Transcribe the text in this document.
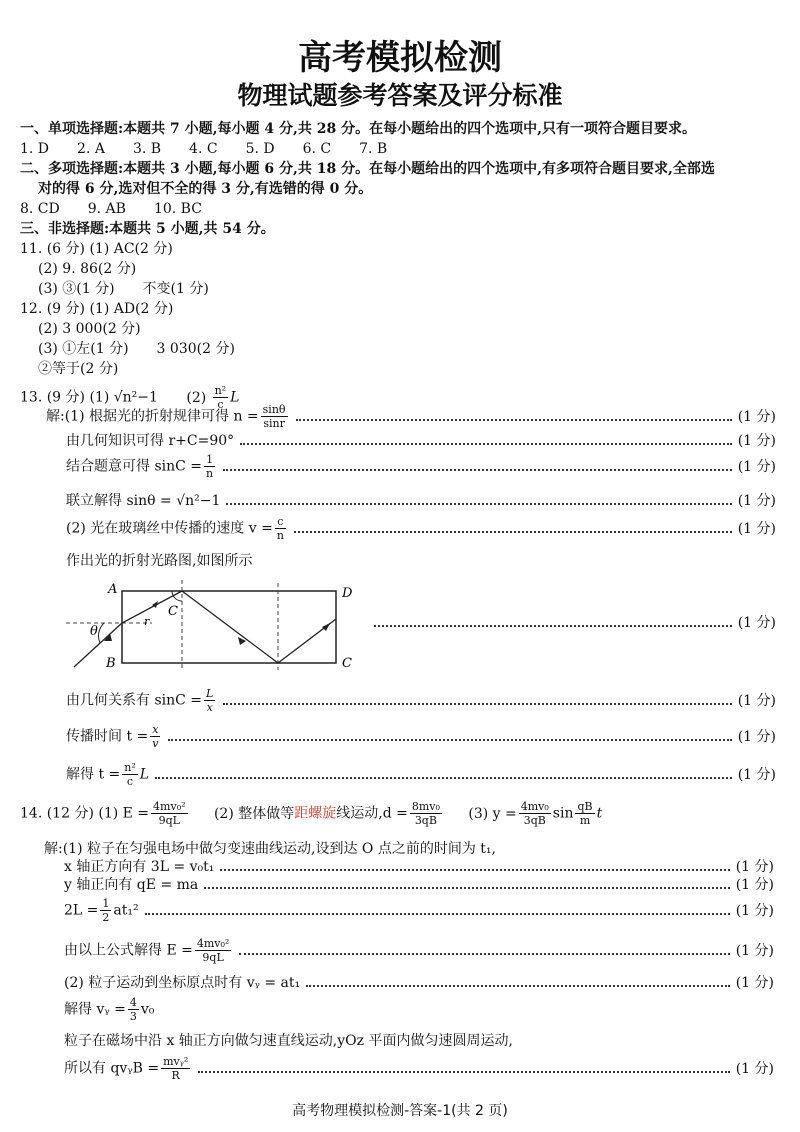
高考模拟检测
物理试题参考答案及评分标准
一、单项选择题:本题共 7 小题,每小题 4 分,共 28 分。在每小题给出的四个选项中,只有一项符合题目要求。
1. D　　2. A　　3. B　　4. C　　5. D　　6. C　　7. B
二、多项选择题:本题共 3 小题,每小题 6 分,共 18 分。在每小题给出的四个选项中,有多项符合题目要求,全部选
对的得 6 分,选对但不全的得 3 分,有选错的得 0 分。
8. CD　　9. AB　　10. BC
三、非选择题:本题共 5 小题,共 54 分。
11. (6 分) (1) AC(2 分)
(2) 9. 86(2 分)
(3) ③(1 分)　　不变(1 分)
12. (9 分) (1) AD(2 分)
(2) 3 000(2 分)
(3) ①左(1 分)　　3 030(2 分)
②等于(2 分)
13. (9 分) (1) √n²−1 $(2) \frac{\text{n²}}{c}$ L
解:(1) 根据光的折射规律可得 $n = \frac{\sin\theta}{\sin r}$	(1 分)
由几何知识可得 r+C=90°	(1 分)
结合题意可得 $\sin C = \frac{1}{n}$	(1 分)
联立解得 sinθ = √n²−1	(1 分)
(2) 光在玻璃丝中传播的速度 $v = \frac{c}{n}$	(1 分)
作出光的折射光路图,如图所示
A
B
D
C
C
θ
r	(1 分)
由几何关系有 $\sin C = \frac{L}{x}$	(1 分)
传播时间 $t = \frac{x}{v}$	(1 分)
解得 $t = \frac{\text{n²}}{c}$ L	(1 分)
14. (12 分) (1) $E = \frac{\text{4mv₀²}}{9qL} (2)$ 整体做等距螺旋线运动$,d = \frac{\text{8mv₀}}{3qB} (3) y = \frac{\text{4mv₀}}{3qB}$ $\sin \frac{qB}{m}$ t
解:(1) 粒子在匀强电场中做匀变速曲线运动,设到达 O 点之前的时间为 t₁,
x 轴正方向有 3L = v₀t₁	(1 分)
y 轴正向有 qE = ma	(1 分)
$2L = \frac{1}{2} at_1^2$	(1 分)
由以上公式解得 $E = \frac{\text{4mv₀²}}{9qL}$	(1 分)
(2) 粒子运动到坐标原点时有 vᵧ = at₁	(1 分)
解得 vᵧ = $\frac{4}{3} v_0$
粒子在磁场中沿 x 轴正方向做匀速直线运动,yOz 平面内做匀速圆周运动,
所以有 qvᵧB = $\frac{\text{mvᵧ²}}{R}$	(1 分)
高考物理模拟检测-答案-1(共 2 页)
